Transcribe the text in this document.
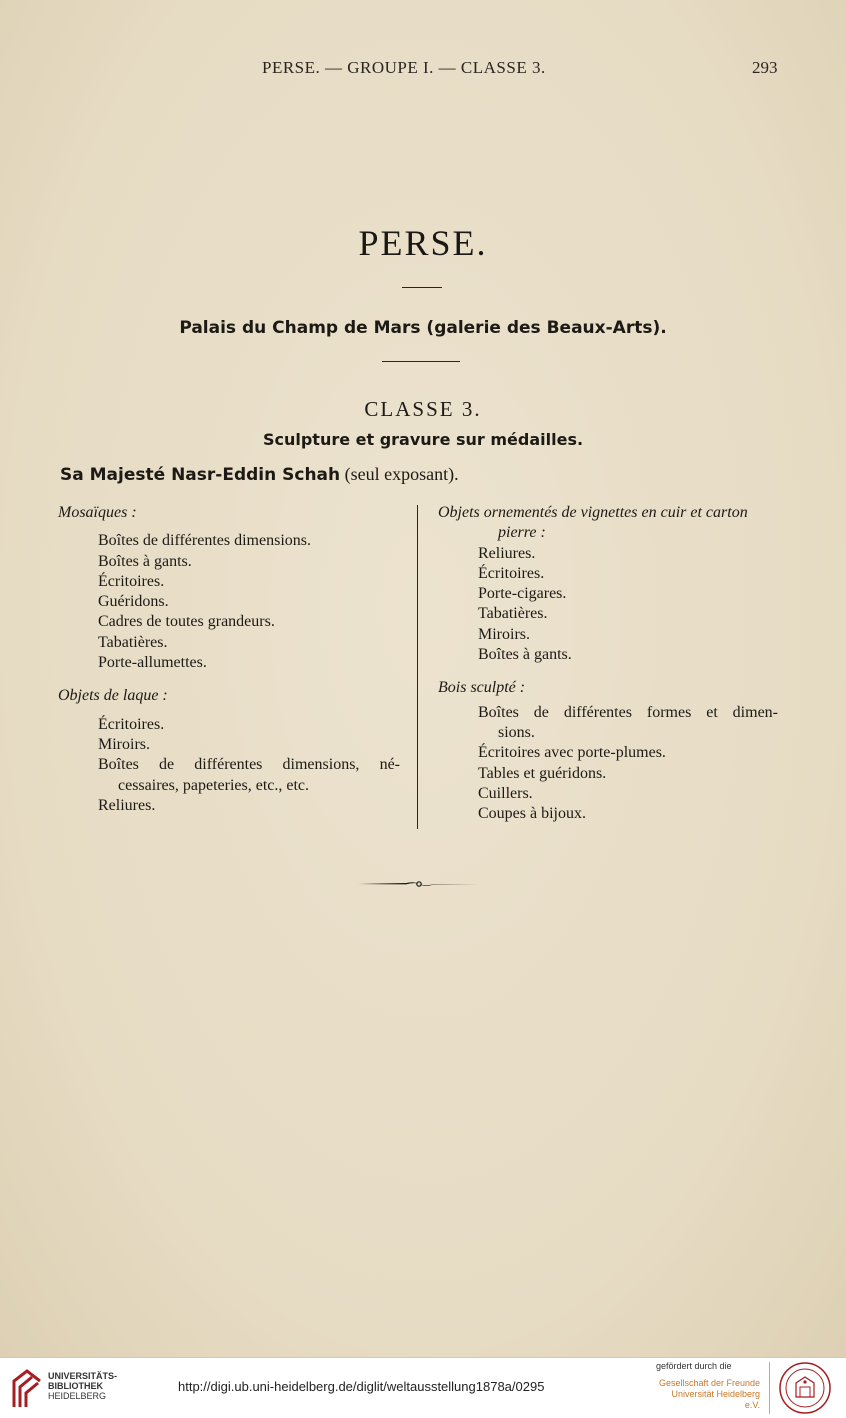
PERSE. — GROUPE I. — CLASSE 3.	293
PERSE.
Palais du Champ de Mars (galerie des Beaux-Arts).
CLASSE 3.
Sculpture et gravure sur médailles.
Sa Majesté Nasr-Eddin Schah (seul exposant).
Mosaïques :
Boîtes de différentes dimensions.
Boîtes à gants.
Écritoires.
Guéridons.
Cadres de toutes grandeurs.
Tabatières.
Porte-allumettes.
Objets de laque :
Écritoires.
Miroirs.
Boîtes de différentes dimensions, né-
cessaires, papeteries, etc., etc.
Reliures.
Objets ornementés de vignettes en cuir et carton
pierre :
Reliures.
Écritoires.
Porte-cigares.
Tabatières.
Miroirs.
Boîtes à gants.
Bois sculpté :
Boîtes de différentes formes et dimen-
sions.
Écritoires avec porte-plumes.
Tables et guéridons.
Cuillers.
Coupes à bijoux.
UNIVERSITÄTS-
BIBLIOTHEK
HEIDELBERG
http://digi.ub.uni-heidelberg.de/diglit/weltausstellung1878a/0295
gefördert durch die
Gesellschaft der Freunde
Universität Heidelberg e.V.
